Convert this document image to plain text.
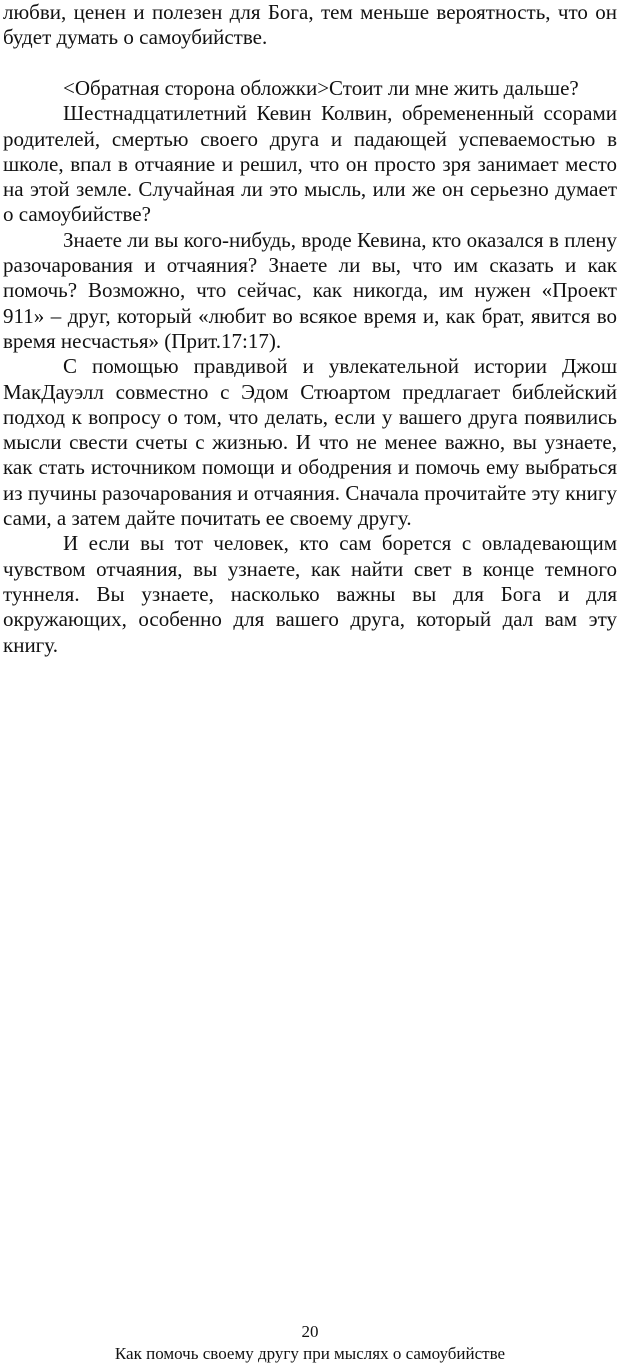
любви, ценен и полезен для Бога, тем меньше вероятность, что он будет думать о самоубийстве.

<Обратная сторона обложки>Стоит ли мне жить дальше?

Шестнадцатилетний Кевин Колвин, обремененный ссорами родителей, смертью своего друга и падающей успеваемостью в школе, впал в отчаяние и решил, что он просто зря занимает место на этой земле. Случайная ли это мысль, или же он серьезно думает о самоубийстве?

Знаете ли вы кого-нибудь, вроде Кевина, кто оказался в плену разочарования и отчаяния? Знаете ли вы, что им сказать и как помочь? Возможно, что сейчас, как никогда, им нужен «Проект 911» – друг, который «любит во всякое время и, как брат, явится во время несчастья» (Прит.17:17).

С помощью правдивой и увлекательной истории Джош МакДауэлл совместно с Эдом Стюартом предлагает библейский подход к вопросу о том, что делать, если у вашего друга появились мысли свести счеты с жизнью. И что не менее важно, вы узнаете, как стать источником помощи и ободрения и помочь ему выбраться из пучины разочарования и отчаяния. Сначала прочитайте эту книгу сами, а затем дайте почитать ее своему другу.

И если вы тот человек, кто сам борется с овладевающим чувством отчаяния, вы узнаете, как найти свет в конце темного туннеля. Вы узнаете, насколько важны вы для Бога и для окружающих, особенно для вашего друга, который дал вам эту книгу.

20
Как помочь своему другу при мыслях о самоубийстве
